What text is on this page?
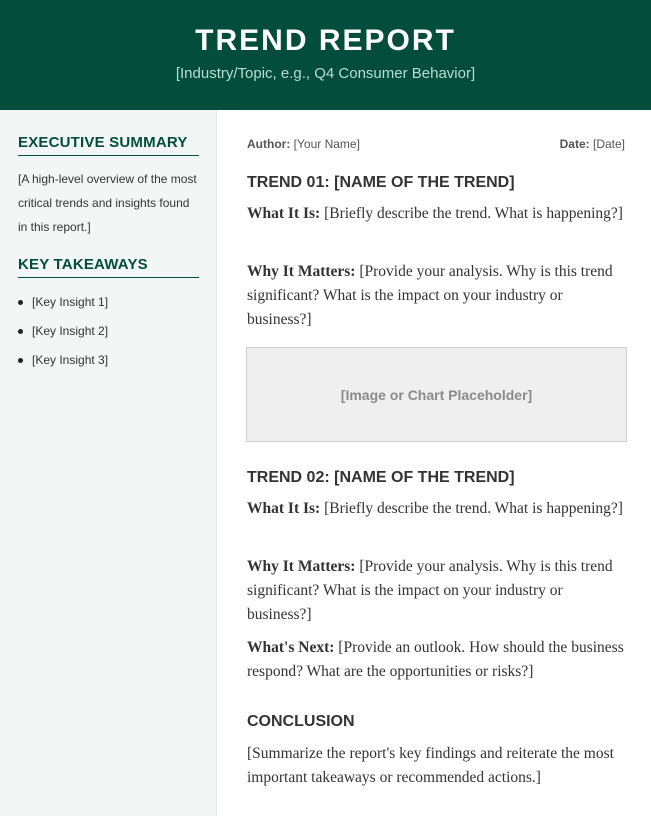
TREND REPORT
[Industry/Topic, e.g., Q4 Consumer Behavior]
EXECUTIVE SUMMARY
[A high-level overview of the most critical trends and insights found in this report.]
KEY TAKEAWAYS
[Key Insight 1]
[Key Insight 2]
[Key Insight 3]
Author: [Your Name]	Date: [Date]
TREND 01: [NAME OF THE TREND]
What It Is: [Briefly describe the trend. What is happening?]
Why It Matters: [Provide your analysis. Why is this trend significant? What is the impact on your industry or business?]
[Image or Chart Placeholder]
TREND 02: [NAME OF THE TREND]
What It Is: [Briefly describe the trend. What is happening?]
Why It Matters: [Provide your analysis. Why is this trend significant? What is the impact on your industry or business?]
What's Next: [Provide an outlook. How should the business respond? What are the opportunities or risks?]
CONCLUSION
[Summarize the report's key findings and reiterate the most important takeaways or recommended actions.]
